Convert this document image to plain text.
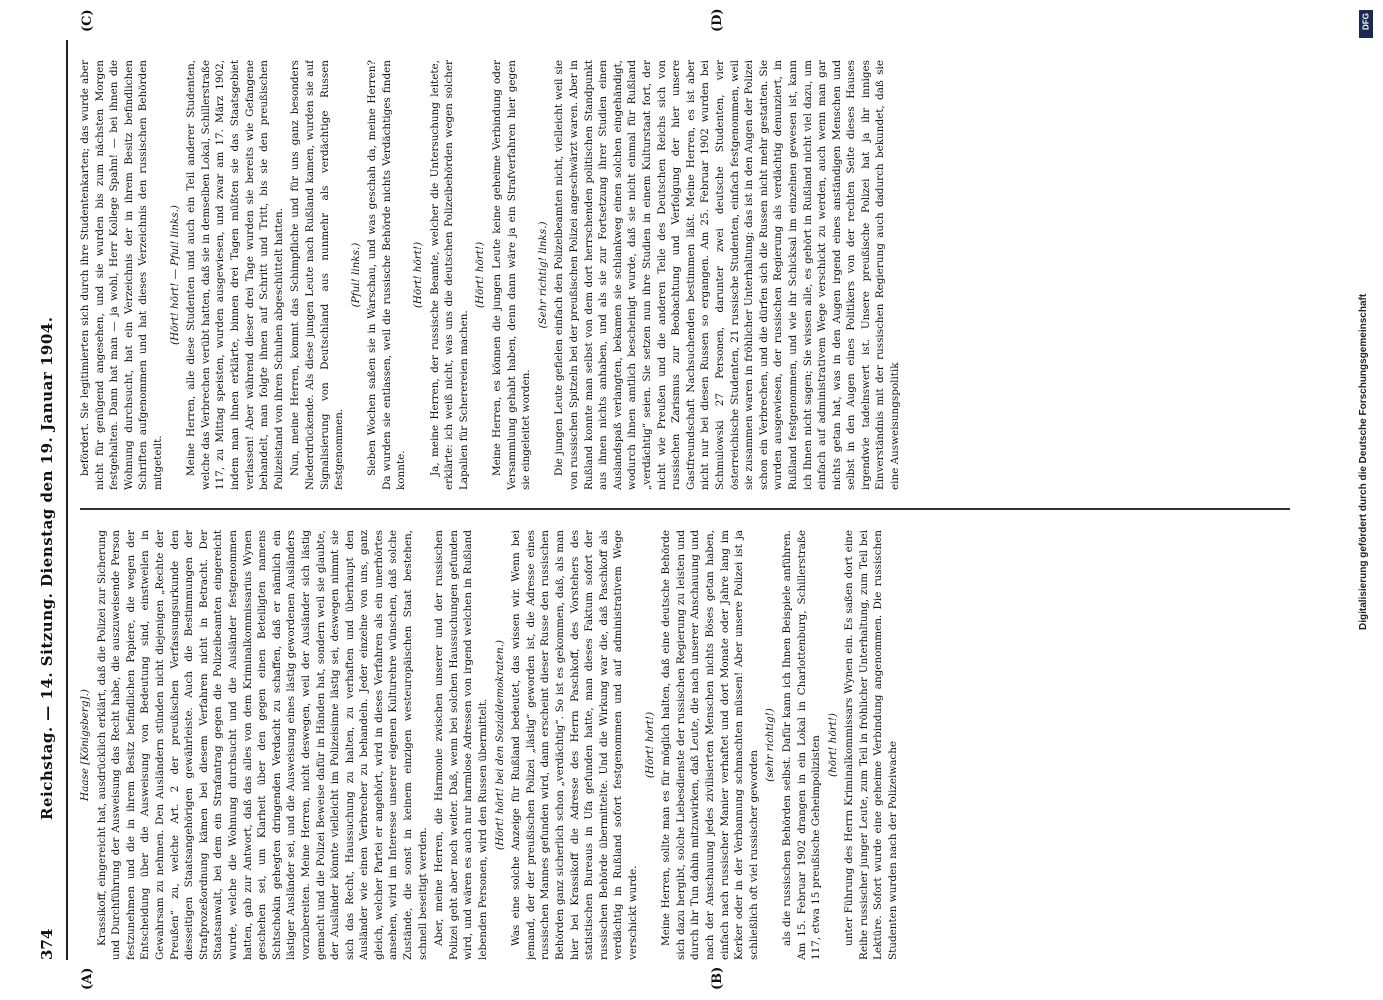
374
Reichstag. — 14. Sitzung. Dienstag den 19. Januar 1904.
(A)	(B)
(C)	(D)

Haase [Königsberg].) Krassikoff, eingereicht hat, ausdrücklich erklärt, daß die Polizei zur Sicherung und Durchführung der Ausweisung das Recht habe, die auszuweisende Person festzunehmen und die in ihrem Besitz befindlichen Papiere, die wegen der Entscheidung über die Ausweisung von Bedeutung sind, einstweilen in Gewahrsam zu nehmen. Den Ausländern stünden nicht diejenigen „Rechte der Preußen“ zu, welche Art. 2 der preußischen Verfassungsurkunde den diesseitigen Staatsangehörigen gewährleiste. Auch die Bestimmungen der Strafprozeßordnung kämen bei diesem Verfahren nicht in Betracht. Der Staatsanwalt, bei dem ein Strafantrag gegen die Polizeibeamten eingereicht wurde, welche die Wohnung durchsucht und die Ausländer festgenommen hatten, gab zur Antwort, daß das alles von dem Kriminalkommissarius Wynen geschehen sei, um Klarheit über den gegen einen Beteiligten namens Schtschokin gehegten dringenden Verdacht zu schaffen, daß er nämlich ein lästiger Ausländer sei, und die Ausweisung eines lästig gewordenen Ausländers vorzubereiten. Meine Herren, nicht deswegen, weil der Ausländer sich lästig gemacht und die Polizei Beweise dafür in Händen hat, sondern weil sie glaubte, der Ausländer könnte vielleicht im Polizeisinne lästig sei, deswegen nimmt sie sich das Recht, Haussuchung zu halten, zu verhaften und überhaupt den Ausländer wie einen Verbrecher zu behandeln. Jeder einzelne von uns, ganz gleich, welcher Partei er angehört, wird in dieses Verfahren als ein unerhörtes ansehen, wird im Interesse unserer eigenen Kulturehre wünschen, daß solche Zustände, die sonst in keinem einzigen westeuropäischen Staat bestehen, schnell beseitigt werden. Aber, meine Herren, die Harmonie zwischen unserer und der russischen Polizei geht aber noch weiter. Daß, wenn bei solchen Haussuchungen gefunden wird, und wären es auch nur harmlose Adressen von irgend welchen in Rußland lebenden Personen, wird den Russen übermittelt. (Hört! hört! bei den Sozialdemokraten.) Was eine solche Anzeige für Rußland bedeutet, das wissen wir. Wenn bei jemand, der der preußischen Polizei „lästig“ geworden ist, die Adresse eines russischen Mannes gefunden wird, dann erscheint dieser Russe den russischen Behörden ganz sicherlich schon „verdächtig“. So ist es gekommen, daß, als man hier bei Krassikoff die Adresse des Herrn Paschkoff, des Vorstehers des statistischen Bureaus in Ufa gefunden hatte, man dieses Faktum sofort der russischen Behörde übermittelte. Und die Wirkung war die, daß Paschkoff als verdächtig in Rußland sofort festgenommen und auf administrativem Wege verschickt wurde.

(Hört! hört!) Meine Herren, sollte man es für möglich halten, daß eine deutsche Behörde sich dazu hergibt, solche Liebesdienste der russischen Regierung zu leisten und durch ihr Tun dahin mitzuwirken, daß Leute, die nach unserer Anschauung und nach der Anschauung jedes zivilisierten Menschen nichts Böses getan haben, einfach nach russischer Manier verhaftet und dort Monate oder Jahre lang im Kerker oder in der Verbannung schmachten müssen! Aber unsere Polizei ist ja schließlich oft viel russischer geworden

(sehr richtig!) als die russischen Behörden selbst. Dafür kann ich Ihnen Beispiele anführen. Am 15. Februar 1902 drangen in ein Lokal in Charlottenburg, Schillerstraße 117, etwa 15 preußische Geheimpolizisten (hört! hört!) unter Führung des Herrn Kriminalkommissars Wynen ein. Es saßen dort eine Reihe russischer junger Leute, zum Teil in fröhlicher Unterhaltung, zum Teil bei Lektüre. Sofort wurde eine geheime Verbindung angenommen. Die russischen Studenten wurden nach der Polizeiwache

befördert. Sie legitimierten sich durch ihre Studentenkarten; das wurde aber nicht für genügend angesehen, und sie wurden bis zum nächsten Morgen festgehalten. Dann hat man — ja wohl, Herr Kollege Spahn! — bei ihnen die Wohnung durchsucht, hat ein Verzeichnis der in ihrem Besitz befindlichen Schriften aufgenommen und hat dieses Verzeichnis den russischen Behörden mitgeteilt.

(Hört! hört! — Pfui! links.) Meine Herren, alle diese Studenten und auch ein Teil anderer Studenten, welche das Verbrechen verübt hatten, daß sie in demselben Lokal, Schillerstraße 117, zu Mittag speisten, wurden ausgewiesen, und zwar am 17. März 1902, indem man ihnen erklärte, binnen drei Tagen müßten sie das Staatsgebiet verlassen! Aber während dieser drei Tage wurden sie bereits wie Gefangene behandelt, man folgte ihnen auf Schritt und Tritt, bis sie den preußischen Polizeistand von ihren Schuhen abgeschüttelt hatten. Nun, meine Herren, kommt das Schimpfliche und für uns ganz besonders Niederdrückende. Als diese jungen Leute nach Rußland kamen, wurden sie auf Signalisierung von Deutschland aus nunmehr als verdächtige Russen festgenommen.

(Pfui! links.) Sieben Wochen saßen sie in Warschau, und was geschah da, meine Herren? Da wurden sie entlassen, weil die russische Behörde nichts Verdächtiges finden konnte.

(Hört! hört!) Ja, meine Herren, der russische Beamte, welcher die Untersuchung leitete, erklärte: ich weiß nicht, was uns die deutschen Polizeibehörden wegen solcher Lapalien für Scherereien machen.

(Hört! hört!) Meine Herren, es können die jungen Leute keine geheime Verbindung oder Versammlung gehabt haben, denn dann wäre ja ein Strafverfahren hier gegen sie eingeleitet worden.

(Sehr richtig! links.) Die jungen Leute gefielen einfach den Polizeibeamten nicht, vielleicht weil sie von russischen Spitzeln bei der preußischen Polizei angeschwärzt waren. Aber in Rußland konnte man selbst von dem dort herrschenden politischen Standpunkt aus ihnen nichts anhaben, und als sie zur Fortsetzung ihrer Studien einen Auslandspaß verlangten, bekamen sie schlankweg einen solchen eingehändigt, wodurch ihnen amtlich bescheinigt wurde, daß sie nicht einmal für Rußland „verdächtig“ seien. Sie setzen nun ihre Studien in einem Kulturstaat fort, der nicht wie Preußen und die anderen Teile des Deutschen Reichs sich von russischen Zarismus zur Beobachtung und Verfolgung der hier unsere Gastfreundschaft Nachsuchenden bestimmen läßt. Meine Herren, es ist aber nicht nur bei diesen Russen so ergangen. Am 25. Februar 1902 wurden bei Schmulowski 27 Personen, darunter zwei deutsche Studenten, vier österreichische Studenten, 21 russische Studenten, einfach festgenommen, weil sie zusammen waren in fröhlicher Unterhaltung; das ist in den Augen der Polizei schon ein Verbrechen, und die dürfen sich die Russen nicht mehr gestatten. Sie wurden ausgewiesen, der russischen Regierung als verdächtig denunziert, in Rußland festgenommen, und wie ihr Schicksal im einzelnen gewesen ist, kann ich Ihnen nicht sagen; Sie wissen alle, es gehört in Rußland nicht viel dazu, um einfach auf administrativem Wege verschickt zu werden, auch wenn man gar nichts getan hat, was in den Augen irgend eines anständigen Menschen und selbst in den Augen eines Politikers von der rechten Seite dieses Hauses irgendwie tadelnswert ist. Unsere preußische Polizei hat ja ihr inniges Einverständnis mit der russischen Regierung auch dadurch bekundet, daß sie eine Ausweisungspolitik	Digitalisierung gefördert durch die Deutsche Forschungsgemeinschaft
DFG
